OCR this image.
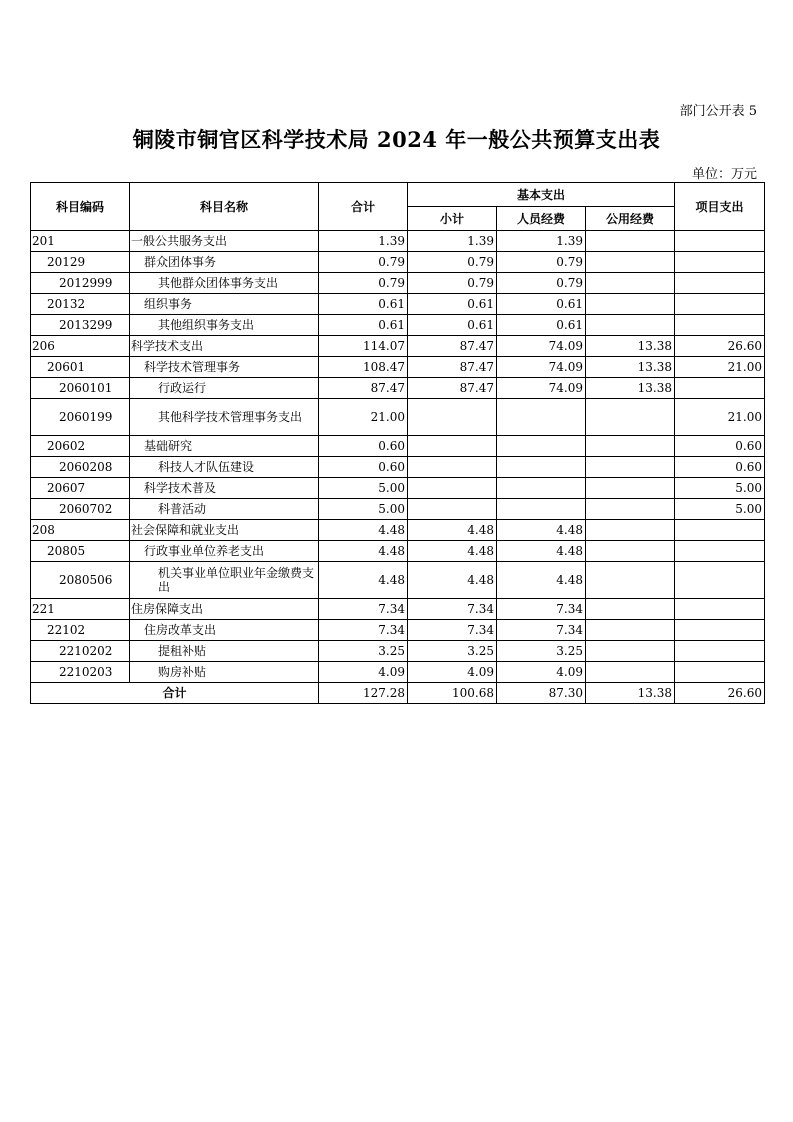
部门公开表 5
铜陵市铜官区科学技术局 2024 年一般公共预算支出表
单位：万元
科目编码	科目名称	合计	基本支出			项目支出
			小计	人员经费	公用经费	
201	一般公共服务支出	1.39	1.39	1.39		
20129	群众团体事务	0.79	0.79	0.79		
2012999	其他群众团体事务支出	0.79	0.79	0.79		
20132	组织事务	0.61	0.61	0.61		
2013299	其他组织事务支出	0.61	0.61	0.61		
206	科学技术支出	114.07	87.47	74.09	13.38	26.60
20601	科学技术管理事务	108.47	87.47	74.09	13.38	21.00
2060101	行政运行	87.47	87.47	74.09	13.38	
2060199	其他科学技术管理事务支出	21.00				21.00
20602	基础研究	0.60				0.60
2060208	科技人才队伍建设	0.60				0.60
20607	科学技术普及	5.00				5.00
2060702	科普活动	5.00				5.00
208	社会保障和就业支出	4.48	4.48	4.48		
20805	行政事业单位养老支出	4.48	4.48	4.48		
2080506	机关事业单位职业年金缴费支出	4.48	4.48	4.48		
221	住房保障支出	7.34	7.34	7.34		
22102	住房改革支出	7.34	7.34	7.34		
2210202	提租补贴	3.25	3.25	3.25		
2210203	购房补贴	4.09	4.09	4.09		
合计		127.28	100.68	87.30	13.38	26.60
